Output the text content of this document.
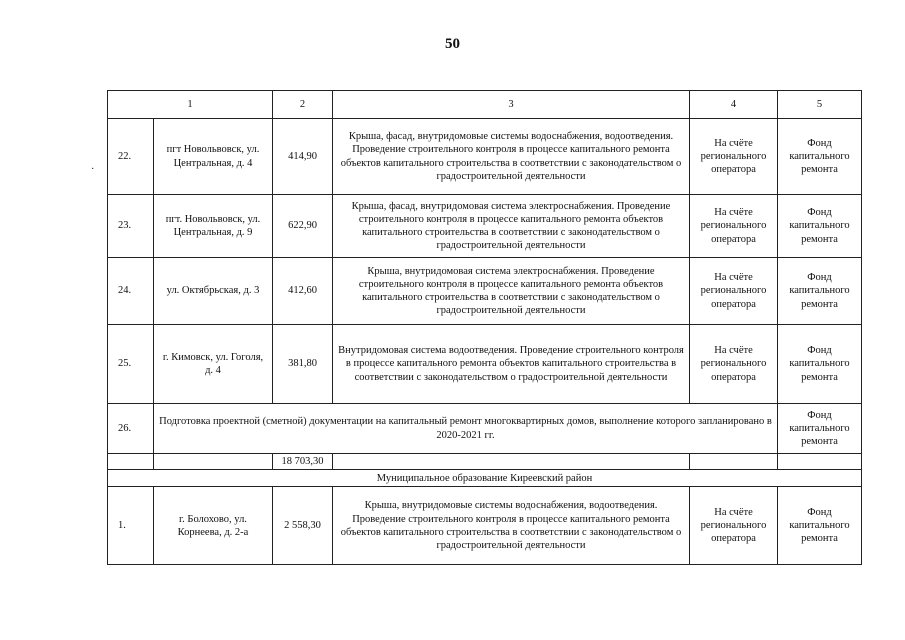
50
·
1		2	3	4	5
22.	пгт Новольвовск, ул. Центральная, д. 4	414,90	Крыша, фасад, внутридомовые системы водоснабжения, водоотведения. Проведение строительного контроля в процессе капитального ремонта объектов капитального строительства в соответствии с законодательством о градостроительной деятельности	На счёте регионального оператора	Фонд капитального ремонта
23.	пгт. Новольвовск, ул. Центральная, д. 9	622,90	Крыша, фасад, внутридомовая система электроснабжения. Проведение строительного контроля в процессе капитального ремонта объектов капитального строительства в соответствии с законодательством о градостроительной деятельности	На счёте регионального оператора	Фонд капитального ремонта
24.	ул. Октябрьская, д. 3	412,60	Крыша, внутридомовая система электроснабжения. Проведение строительного контроля в процессе капитального ремонта объектов капитального строительства в соответствии с законодательством о градостроительной деятельности	На счёте регионального оператора	Фонд капитального ремонта
25.	г. Кимовск, ул. Гоголя, д. 4	381,80	Внутридомовая система водоотведения. Проведение строительного контроля в процессе капитального ремонта объектов капитального строительства в соответствии с законодательством о градостроительной деятельности	На счёте регионального оператора	Фонд капитального ремонта
26.	Подготовка проектной (сметной) документации на капитальный ремонт многоквартирных домов, выполнение которого запланировано в 2020-2021 гг.				Фонд капитального ремонта
		18 703,30			
Муниципальное образование Киреевский район					
1.	г. Болохово, ул. Корнеева, д. 2-а	2 558,30	Крыша, внутридомовые системы водоснабжения, водоотведения. Проведение строительного контроля в процессе капитального ремонта объектов капитального строительства в соответствии с законодательством о градостроительной деятельности	На счёте регионального оператора	Фонд капитального ремонта
